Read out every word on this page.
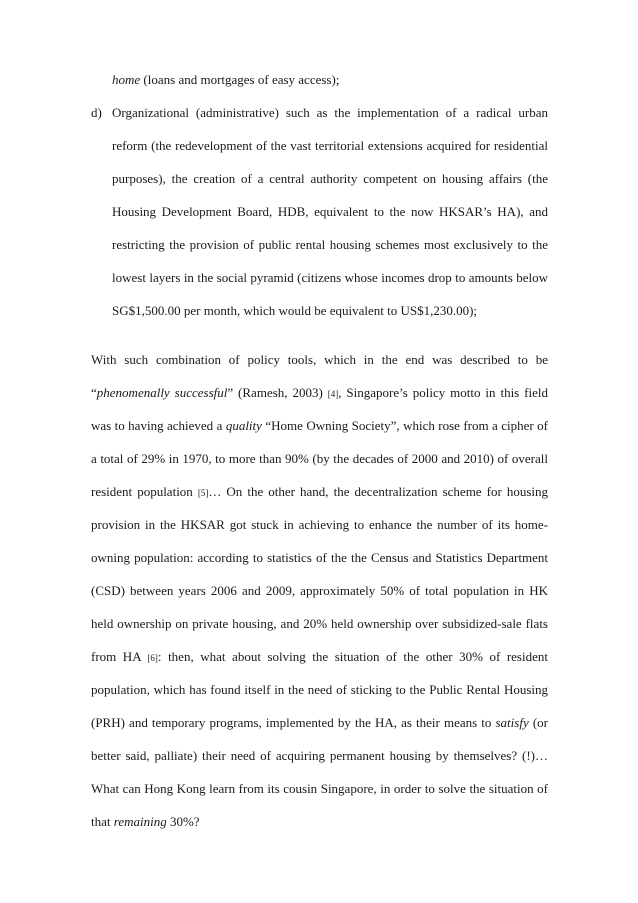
home (loans and mortgages of easy access);
d) Organizational (administrative) such as the implementation of a radical urban
reform (the redevelopment of the vast territorial extensions acquired for residential
purposes), the creation of a central authority competent on housing affairs (the
Housing Development Board, HDB, equivalent to the now HKSAR’s HA), and
restricting the provision of public rental housing schemes most exclusively to the
lowest layers in the social pyramid (citizens whose incomes drop to amounts below
SG$1,500.00 per month, which would be equivalent to US$1,230.00);
With such combination of policy tools, which in the end was described to be
“phenomenally successful” (Ramesh, 2003) [4], Singapore’s policy motto in this field
was to having achieved a quality “Home Owning Society”, which rose from a cipher of
a total of 29% in 1970, to more than 90% (by the decades of 2000 and 2010) of overall
resident population [5]… On the other hand, the decentralization scheme for housing
provision in the HKSAR got stuck in achieving to enhance the number of its home-
owning population: according to statistics of the the Census and Statistics Department
(CSD) between years 2006 and 2009, approximately 50% of total population in HK
held ownership on private housing, and 20% held ownership over subsidized-sale flats
from HA [6]: then, what about solving the situation of the other 30% of resident
population, which has found itself in the need of sticking to the Public Rental Housing
(PRH) and temporary programs, implemented by the HA, as their means to satisfy (or
better said, palliate) their need of acquiring permanent housing by themselves? (!)…
What can Hong Kong learn from its cousin Singapore, in order to solve the situation of
that remaining 30%?
